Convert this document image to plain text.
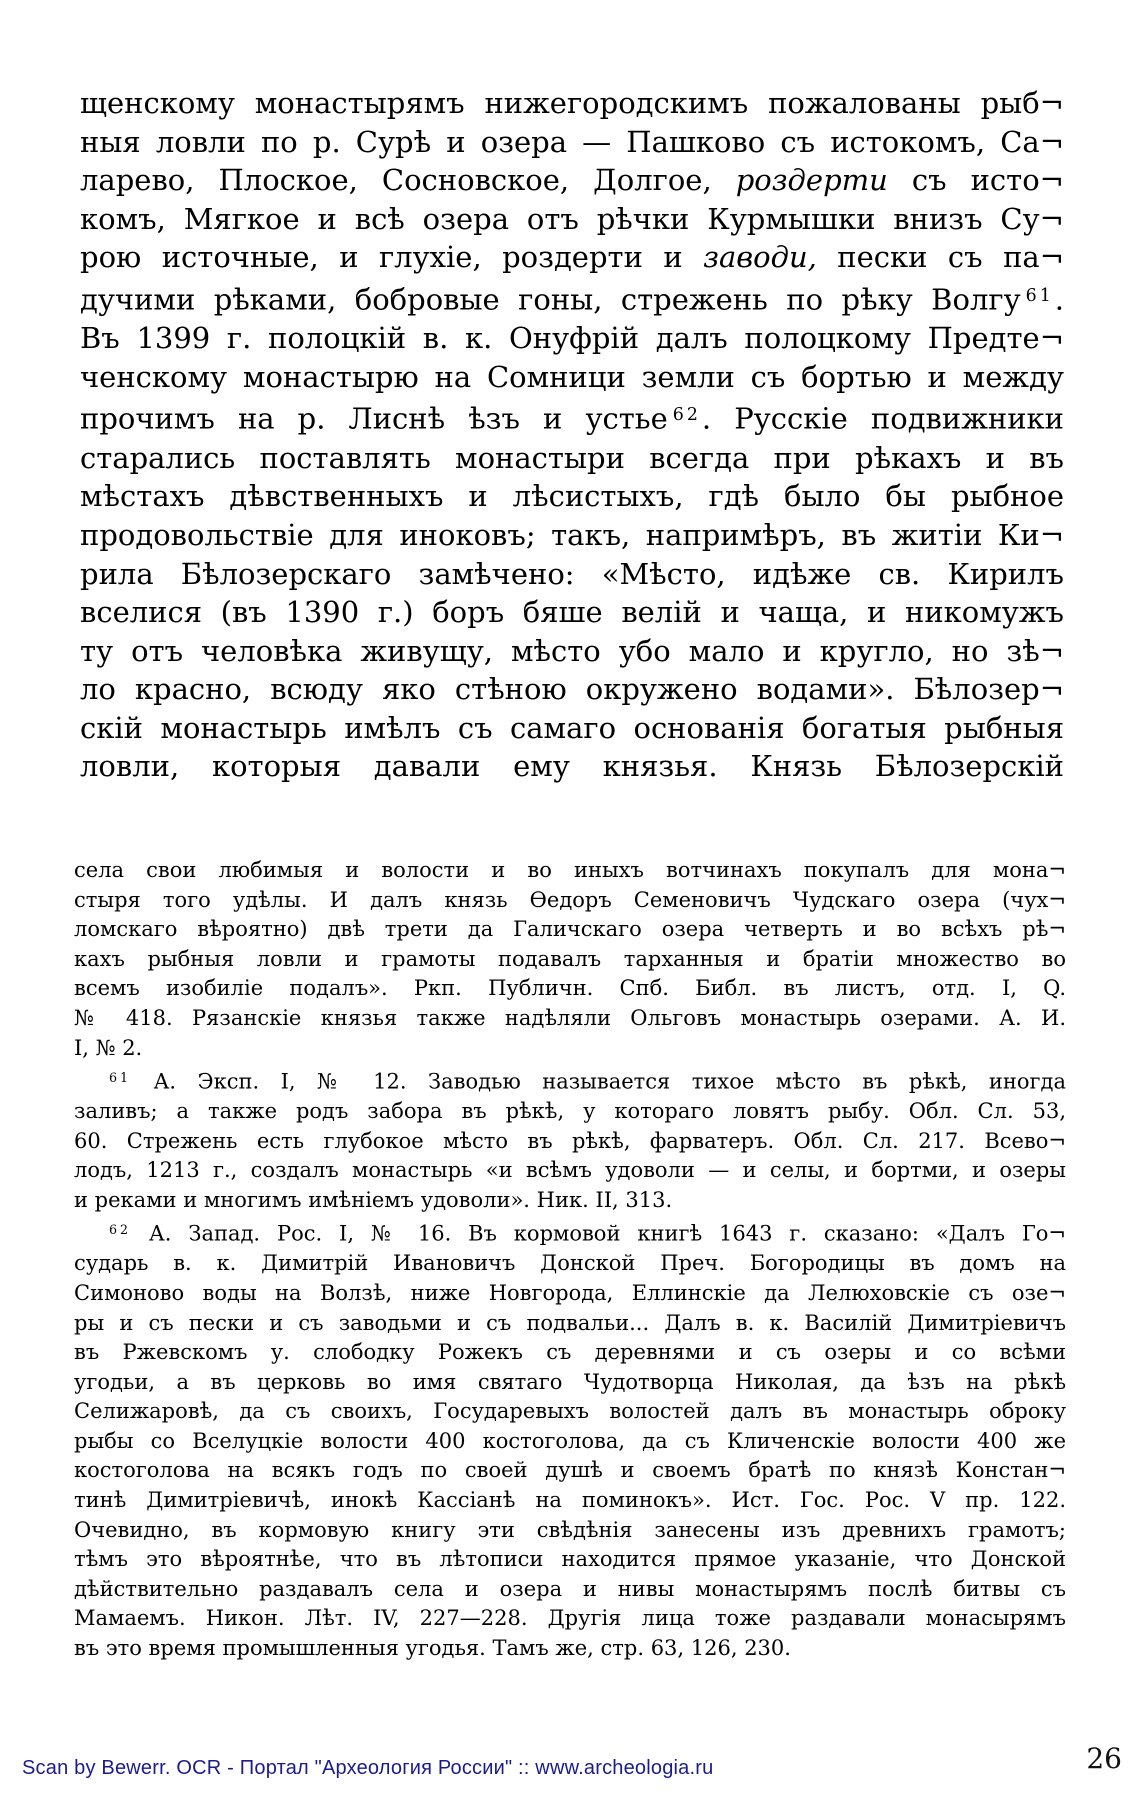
щенскому монастырямъ нижегородскимъ пожалованы рыб¬
ныя ловли по р. Сурѣ и озера — Пашково съ истокомъ, Са¬
ларево, Плоское, Сосновское, Долгое, роздерти съ исто¬
комъ, Мягкое и всѣ озера отъ рѣчки Курмышки внизъ Су¬
рою источные, и глухіе, роздерти и заводи, пески съ па¬
дучими рѣками, бобровые гоны, стрежень по рѣку Волгу $^{61}$.
Въ 1399 г. полоцкій в. к. Онуфрій далъ полоцкому Предте¬
ченскому монастырю на Сомници земли съ бортью и между
прочимъ на р. Лиснѣ ѣзъ и устье $^{62}$. Русскіе подвижники
старались поставлять монастыри всегда при рѣкахъ и въ
мѣстахъ дѣвственныхъ и лѣсистыхъ, гдѣ было бы рыбное
продовольствіе для иноковъ; такъ, напримѣръ, въ житіи Ки¬
рила Бѣлозерскаго замѣчено: «Мѣсто, идѣже св. Кирилъ
вселися (въ 1390 г.) боръ бяше велій и чаща, и никомужъ
ту отъ человѣка живущу, мѣсто убо мало и кругло, но зѣ¬
ло красно, всюду яко стѣною окружено водами». Бѣлозер¬
скій монастырь имѣлъ съ самаго основанія богатыя рыбныя
ловли, которыя давали ему князья. Князь Бѣлозерскій
села свои любимыя и волости и во иныхъ вотчинахъ покупалъ для мона¬
стыря того удѣлы. И далъ князь Ѳедоръ Семеновичъ Чудскаго озера (чух¬
ломскаго вѣроятно) двѣ трети да Галичскаго озера четверть и во всѣхъ рѣ¬
кахъ рыбныя ловли и грамоты подавалъ тарханныя и братіи множество во
всемъ изобиліе подалъ». Ркп. Публичн. Спб. Библ. въ листъ, отд. I, Q.
№ 418. Рязанскіе князья также надѣляли Ольговъ монастырь озерами. А. И.
I, № 2.
$^{61}$ А. Эксп. I, № 12. Заводью называется тихое мѣсто въ рѣкѣ, иногда
заливъ; а также родъ забора въ рѣкѣ, у котораго ловятъ рыбу. Обл. Сл. 53,
60. Стрежень есть глубокое мѣсто въ рѣкѣ, фарватеръ. Обл. Сл. 217. Всево¬
лодъ, 1213 г., создалъ монастырь «и всѣмъ удоволи — и селы, и бортми, и озеры
и реками и многимъ имѣніемъ удоволи». Ник. II, 313.
$^{62}$ А. Запад. Рос. I, № 16. Въ кормовой книгѣ 1643 г. сказано: «Далъ Го¬
сударь в. к. Димитрій Ивановичъ Донской Преч. Богородицы въ домъ на
Симоново воды на Волзѣ, ниже Новгорода, Еллинскіе да Лелюховскіе съ озе¬
ры и съ пески и съ заводьми и съ подвальи... Далъ в. к. Василій Димитріевичъ
въ Ржевскомъ у. слободку Рожекъ съ деревнями и съ озеры и со всѣми
угодьи, а въ церковь во имя святаго Чудотворца Николая, да ѣзъ на рѣкѣ
Селижаровѣ, да съ своихъ, Государевыхъ волостей далъ въ монастырь оброку
рыбы со Вселуцкіе волости 400 костоголова, да съ Кличенскіе волости 400 же
костоголова на всякъ годъ по своей душѣ и своемъ братѣ по князѣ Констан¬
тинѣ Димитріевичѣ, инокѣ Кассіанѣ на поминокъ». Ист. Гос. Рос. V пр. 122.
Очевидно, въ кормовую книгу эти свѣдѣнія занесены изъ древнихъ грамотъ;
тѣмъ это вѣроятнѣе, что въ лѣтописи находится прямое указаніе, что Донской
дѣйствительно раздавалъ села и озера и нивы монастырямъ послѣ битвы съ
Мамаемъ. Никон. Лѣт. IV, 227—228. Другія лица тоже раздавали монасырямъ
въ это время промышленныя угодья. Тамъ же, стр. 63, 126, 230.
Scan by Bewerr. OCR - Портал "Археология России" :: www.archeologia.ru	26
